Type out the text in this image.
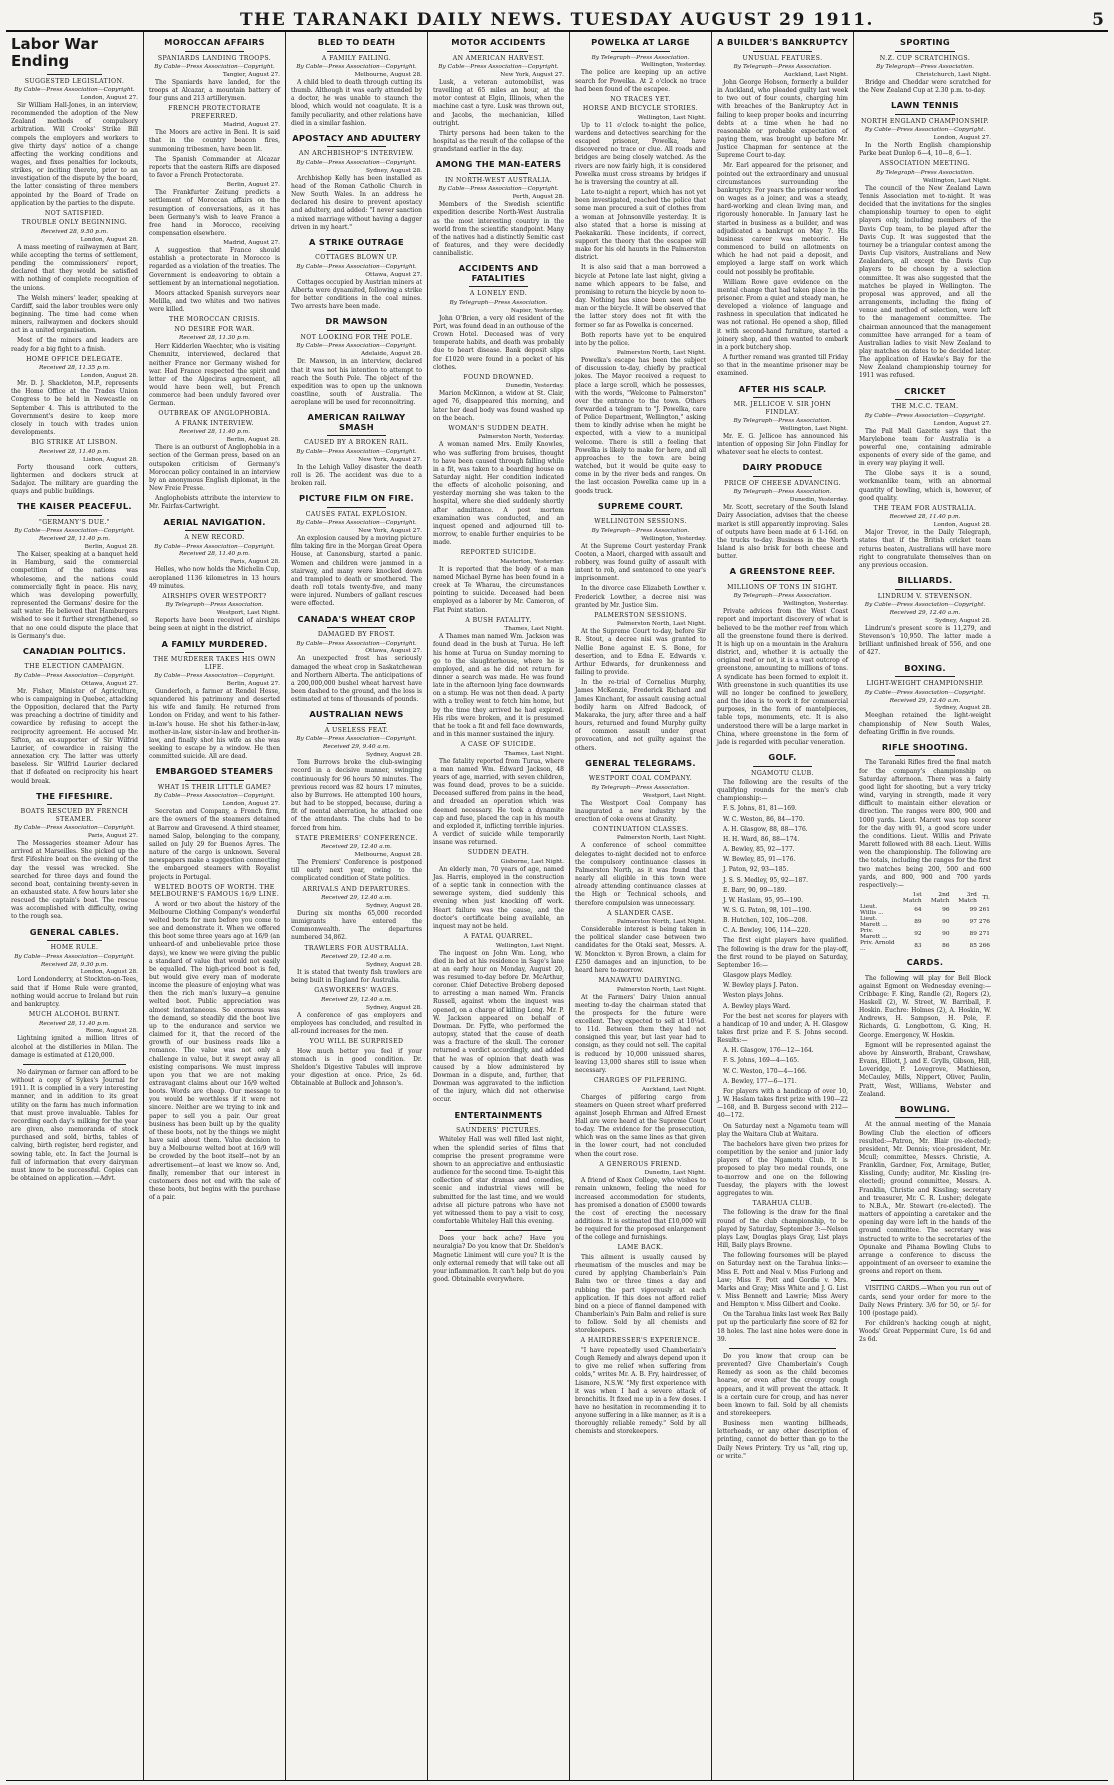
THE TARANAKI DAILY NEWS. TUESDAY AUGUST 29 1911.	5
Labor War Ending
SUGGESTED LEGISLATION.
By Cable—Press Association—Copyright.
London, August 27.
Sir William Hall-Jones, in an interview, recommended the adoption of the New Zealand methods of compulsory arbitration. Will Crooks' Strike Bill compels the employers and workers to give thirty days' notice of a change affecting the working conditions and wages, and fixes penalties for lockouts, strikes, or inciting thereto, prior to an investigation of the dispute by the board, the latter consisting of three members appointed by the Board of Trade on application by the parties to the dispute.
NOT SATISFIED.
TROUBLE ONLY BEGINNING.
Received 28, 9.50 p.m.
London, August 28.
A mass meeting of railwaymen at Barr, while accepting the terms of settlement, pending the commissioners' report, declared that they would be satisfied with nothing of complete recognition of the unions.
The Welsh miners' leader, speaking at Cardiff, said the labor troubles were only beginning. The time had come when miners, railwaymen and dockers should act in a united organisation.
Most of the miners and leaders are ready for a big fight to a finish.
HOME OFFICE DELEGATE.
Received 28, 11.35 p.m.
London, August 28.
Mr. D. J. Shackleton, M.P., represents the Home Office at the Trades Union Congress to be held in Newcastle on September 4. This is attributed to the Government's desire to keep more closely in touch with trades union developments.
BIG STRIKE AT LISBON.
Received 28, 11.40 p.m.
Lisbon, August 28.
Forty thousand cork cutters, lightermen and dockers struck at Sadajoz. The military are guarding the quays and public buildings.
THE KAISER PEACEFUL.
"GERMANY'S DUE."
By Cable—Press Association—Copyright.
Received 28, 11.40 p.m.
Berlin, August 28.
The Kaiser, speaking at a banquet held in Hamburg, said the commercial competition of the nations was wholesome, and the nations could commercially fight in peace. His navy, which was developing powerfully, represented the Germans' desire for the salt water. He believed that Hamburgers wished to see it further strengthened, so that no one could dispute the place that is Germany's due.
CANADIAN POLITICS.
THE ELECTION CAMPAIGN.
By Cable—Press Association—Copyright.
Ottawa, August 27.
Mr. Fisher, Minister of Agriculture, who is campaigning in Quebec, attacking the Opposition, declared that the Party was preaching a doctrine of timidity and cowardice by refusing to accept the reciprocity agreement. He accused Mr. Sifton, an ex-supporter of Sir Wilfrid Laurier, of cowardice in raising the annexation cry. The latter was utterly baseless. Sir Wilfrid Laurier declared that if defeated on reciprocity his heart would break.
THE FIFESHIRE.
BOATS RESCUED BY FRENCH STEAMER.
By Cable—Press Association—Copyright.
Paris, August 27.
The Messageries steamer Adour has arrived at Marseilles. She picked up the first Fifeshire boat on the evening of the day the vessel was wrecked. She searched for three days and found the second boat, containing twenty-seven in an exhausted state. A few hours later she rescued the captain's boat. The rescue was accomplished with difficulty, owing to the rough sea.
GENERAL CABLES.
HOME RULE.
By Cable—Press Association—Copyright.
Received 28, 9.30 p.m.
London, August 28.
Lord Londonderry, at Stockton-on-Tees, said that if Home Rule were granted, nothing would accrue to Ireland but ruin and bankruptcy.
MUCH ALCOHOL BURNT.
Received 28, 11.40 p.m.
Rome, August 28.
Lightning ignited a million litres of alcohol at the distilleries in Milan. The damage is estimated at £120,000.
No dairyman or farmer can afford to be without a copy of Sykes's Journal for 1911. It is complied in a very interesting manner, and in addition to its great utility on the farm has much information that must prove invaluable. Tables for recording each day's milking for the year are given, also memoranda of stock purchased and sold, births, tables of calving, birth register, herd register, and sowing table, etc. In fact the Journal is full of information that every dairyman must know to be successful. Copies can be obtained on application.—Advt.
MOROCCAN AFFAIRS
SPANIARDS LANDING TROOPS.
By Cable—Press Association—Copyright.
Tangier, August 27.
The Spaniards have landed, for the troops at Alcazar, a mountain battery of four guns and 213 artillerymen.
FRENCH PROTECTORATE PREFERRED.
Madrid, August 27.
The Moors are active in Beni. It is said that in the country beacon fires, summoning tribesmen, have been lit.
The Spanish Commander at Alcazar reports that the eastern Riffs are disposed to favor a French Protectorate.
Berlin, August 27.
The Frankfurter Zeitung predicts a settlement of Moroccan affairs on the resumption of conversations, as it has been Germany's wish to leave France a free hand in Morocco, receiving compensation elsewhere.
Madrid, August 27.
A suggestion that France should establish a protectorate in Morocco is regarded as a violation of the treaties. The Government is endeavoring to obtain a settlement by an international negotiation.
Moors attacked Spanish surveyors near Melilla, and two whites and two natives were killed.
THE MOROCCAN CRISIS.
NO DESIRE FOR WAR.
Received 28, 11.30 p.m.
Herr Kidderlen Waechter, who is visiting Chemnitz, interviewed, declared that neither France nor Germany wished for war. Had France respected the spirit and letter of the Algeciras agreement, all would have been well, but French commerce had been unduly favored over German.
OUTBREAK OF ANGLOPHOBIA.
A FRANK INTERVIEW.
Received 28, 11.40 p.m.
Berlin, August 28.
There is an outburst of Anglophobia in a section of the German press, based on an outspoken criticism of Germany's Moroccan policy contained in an interview by an anonymous English diplomat, in the New Freie Presse.
Anglophobists attribute the interview to Mr. Fairfax-Cartwright.
AERIAL NAVIGATION.
A NEW RECORD.
By Cable—Press Association—Copyright.
Received 28, 11.40 p.m.
Paris, August 28.
Helles, who now holds the Michelin Cup, aeroplaned 1136 kilometres in 13 hours 49 minutes.
AIRSHIPS OVER WESTPORT?
By Telegraph—Press Association.
Westport, Last Night.
Reports have been received of airships being seen at night in the district.
A FAMILY MURDERED.
THE MURDERER TAKES HIS OWN LIFE.
By Cable—Press Association—Copyright.
Berlin, August 27.
Gunderloch, a farmer at Rendel Hesse, squandered his patrimony and deserted his wife and family. He returned from London on Friday, and went to his father-in-law's house. He shot his father-in-law, mother-in-law, sister-in-law and brother-in-law, and finally shot his wife as she was seeking to escape by a window. He then committed suicide. All are dead.
EMBARGOED STEAMERS
WHAT IS THEIR LITTLE GAME?
By Cable—Press Association—Copyright.
London, August 27.
Secretan and Company, a French firm, are the owners of the steamers detained at Barrow and Gravesend. A third steamer, named Salop, belonging to the company, sailed on July 29 for Buenos Ayres. The nature of the cargo is unknown. Several newspapers make a suggestion connecting the embargoed steamers with Royalist projects in Portugal.
WELTED BOOTS OF WORTH. THE MELBOURNE'S FAMOUS 16/9 LINE.
A word or two about the history of the Melbourne Clothing Company's wonderful welted boots for men before you come to see and demonstrate it. When we offered this boot some three years ago at 16/9 (an unheard-of and unbelievable price those days), we knew we were giving the public a standard of value that would not easily be equalled. The high-priced boot is fed, but would give every man of moderate income the pleasure of enjoying what was then the rich man's luxury—a genuine welted boot. Public appreciation was almost instantaneous. So enormous was the demand, so steadily did the boot live up to the endurance and service we claimed for it, that the record of the growth of our business reads like a romance. The value was not only a challenge in value, but it swept away all existing comparisons. We must impress upon you that we are not making extravagant claims about our 16/9 welted boots. Words are cheap. Our message to you would be worthless if it were not sincere. Neither are we trying to ink and paper to sell you a pair. Our great business has been built up by the quality of these boots, not by the things we might have said about them. Value decision to buy a Melbourne welted boot at 16/9 will be crowded by the boot itself—not by an advertisement—at least we know so. And, finally, remember that our interest in customers does not end with the sale of these boots, but begins with the purchase of a pair.
BLED TO DEATH
A FAMILY FAILING.
By Cable—Press Association—Copyright.
Melbourne, August 28.
A child bled to death through cutting its thumb. Although it was early attended by a doctor, he was unable to staunch the blood, which would not coagulate. It is a family peculiarity, and other relations have died in a similar fashion.
APOSTACY AND ADULTERY
AN ARCHBISHOP'S INTERVIEW.
By Cable—Press Association—Copyright.
Sydney, August 28.
Archbishop Kelly has been installed as head of the Roman Catholic Church in New South Wales. In an address he declared his desire to prevent apostacy and adultery, and added: "I never sanction a mixed marriage without having a dagger driven in my heart."
A STRIKE OUTRAGE
COTTAGES BLOWN UP.
By Cable—Press Association—Copyright.
Ottawa, August 27.
Cottages occupied by Austrian miners at Alberta were dynamited, following a strike for better conditions in the coal mines. Two arrests have been made.
DR MAWSON
NOT LOOKING FOR THE POLE.
By Cable—Press Association—Copyright.
Adelaide, August 28.
Dr. Mawson, in an interview, declared that it was not his intention to attempt to reach the South Pole. The object of the expedition was to open up the unknown coastline, south of Australia. The aeroplane will be used for reconnoitring.
AMERICAN RAILWAY SMASH
CAUSED BY A BROKEN RAIL.
By Cable—Press Association—Copyright.
New York, August 27.
In the Lehigh Valley disaster the death roll is 26. The accident was due to a broken rail.
PICTURE FILM ON FIRE.
CAUSES FATAL EXPLOSION.
By Cable—Press Association—Copyright.
New York, August 27.
An explosion caused by a moving picture film taking fire in the Morgan Great Opera House, at Canonsburg, started a panic. Women and children were jammed in a stairway, and many were knocked down and trampled to death or smothered. The death roll totals twenty-five, and many were injured. Numbers of gallant rescues were effected.
CANADA'S WHEAT CROP
DAMAGED BY FROST.
By Cable—Press Association—Copyright.
Ottawa, August 27.
An unexpected frost has seriously damaged the wheat crop in Saskatchewan and Northern Alberta. The anticipations of a 200,000,000 bushel wheat harvest have been dashed to the ground, and the loss is estimated at tens of thousands of pounds.
AUSTRALIAN NEWS
A USELESS FEAT.
By Cable—Press Association—Copyright.
Received 29, 9.40 a.m.
Sydney, August 28.
Tom Burrows broke the club-swinging record in a decisive manner, swinging continuously for 96 hours 50 minutes. The previous record was 82 hours 17 minutes, also by Burrows. He attempted 100 hours, but had to be stopped, because, during a fit of mental aberration, he attacked one of the attendants. The clubs had to be forced from him.
STATE PREMIERS' CONFERENCE.
Received 29, 12.40 a.m.
Melbourne, August 28.
The Premiers' Conference is postponed till early next year, owing to the complicated condition of State politics.
ARRIVALS AND DEPARTURES.
Received 29, 12.40 a.m.
Sydney, August 28.
During six months 65,000 recorded immigrants have entered the Commonwealth. The departures numbered 34,862.
TRAWLERS FOR AUSTRALIA.
Received 29, 12.40 a.m.
Sydney, August 28.
It is stated that twenty fish trawlers are being built in England for Australia.
GASWORKERS' WAGES.
Received 29, 12.40 a.m.
Sydney, August 28.
A conference of gas employers and employees has concluded, and resulted in all-round increases for the men.
YOU WILL BE SURPRISED
How much better you feel if your stomach is in good condition. Dr. Sheldon's Digestive Tabules will improve your digestion at once. Price, 2s 6d. Obtainable at Bullock and Johnson's.
MOTOR ACCIDENTS
AN AMERICAN HARVEST.
By Cable—Press Association—Copyright.
New York, August 27.
Lusk, a veteran automobilist, was travelling at 65 miles an hour, at the motor contest at Elgin, Illinois, when the machine cast a tyre. Lusk was thrown out, and Jacobs, the mechanician, killed outright.
Thirty persons had been taken to the hospital as the result of the collapse of the grandstand earlier in the day.
AMONG THE MAN-EATERS
IN NORTH-WEST AUSTRALIA.
By Cable—Press Association—Copyright.
Perth, August 28.
Members of the Swedish scientific expedition describe North-West Australia as the most interesting country in the world from the scientific standpoint. Many of the natives had a distinctly Semitic cast of features, and they were decidedly cannibalistic.
ACCIDENTS AND FATALITIES
A LONELY END.
By Telegraph—Press Association.
Napier, Yesterday.
John O'Brien, a very old resident of the Port, was found dead in an outhouse of the Crown Hotel. Deceased was of very temperate habits, and death was probably due to heart disease. Bank deposit slips for £1020 were found in a pocket of his clothes.
FOUND DROWNED.
Dunedin, Yesterday.
Marion McKinnon, a widow at St. Clair, aged 76, disappeared this morning, and later her dead body was found washed up on the beach.
WOMAN'S SUDDEN DEATH.
Palmerston North, Yesterday.
A woman named Mrs. Emily Knowles, who was suffering from bruises, thought to have been caused through falling while in a fit, was taken to a boarding house on Saturday night. Her condition indicated the effects of alcoholic poisoning, and yesterday morning she was taken to the hospital, where she died suddenly shortly after admittance. A post mortem examination was conducted, and an inquest opened and adjourned till to-morrow, to enable further enquiries to be made.
REPORTED SUICIDE.
Masterton, Yesterday.
It is reported that the body of a man named Michael Byrne has been found in a creek at Te Wharau, the circumstances pointing to suicide. Deceased had been employed as a laborer by Mr. Cameron, of Flat Point station.
A BUSH FATALITY.
Thames, Last Night.
A Thames man named Wm. Jackson was found dead in the bush at Turua. He left his home at Turua on Sunday morning to go to the slaughterhouse, where he is employed, and as he did not return for dinner a search was made. He was found late in the afternoon lying face downwards on a stump. He was not then dead. A party with a trolley went to fetch him home, but by the time they arrived he had expired. His ribs were broken, and it is presumed that he took a fit and fell face downwards, and in this manner sustained the injury.
A CASE OF SUICIDE.
Thames, Last Night.
The fatality reported from Turua, where a man named Wm. Edward Jackson, 48 years of age, married, with seven children, was found dead, proves to be a suicide. Deceased suffered from pains in the head, and dreaded an operation which was deemed necessary. He took a dynamite cap and fuse, placed the cap in his mouth and exploded it, inflicting terrible injuries. A verdict of suicide while temporarily insane was returned.
SUDDEN DEATH.
Gisborne, Last Night.
An elderly man, 70 years of age, named Jas. Harris, employed in the construction of a septic tank in connection with the sewerage system, died suddenly this evening when just knocking off work. Heart failure was the cause, and the doctor's certificate being available, an inquest may not be held.
A FATAL QUARREL.
Wellington, Last Night.
The inquest on John Wm. Long, who died in bed at his residence in Sage's lane at an early hour on Monday, August 20, was resumed to-day before Dr. McArthur, coroner. Chief Detective Broberg deposed to arresting a man named Wm. Francis Russell, against whom the inquest was opened, on a charge of killing Long. Mr. P. W. Jackson appeared on behalf of Dowman. Dr. Fyffe, who performed the autopsy, stated that the cause of death was a fracture of the skull. The coroner returned a verdict accordingly, and added that he was of opinion that death was caused by a blow administered by Dowman in a dispute, and, further, that Dowman was aggravated to the infliction of the injury, which did not otherwise occur.
ENTERTAINMENTS
SAUNDERS' PICTURES.
Whiteley Hall was well filled last night, when the splendid series of films that comprise the present programme were shown to an appreciative and enthusiastic audience for the second time. To-night this collection of star dramas and comedies, scenic and industrial views will be submitted for the last time, and we would advise all picture patrons who have not yet witnessed them to pay a visit to cosy, comfortable Whiteley Hall this evening.
Does your back ache? Have you neuralgia? Do you know that Dr. Sheldon's Magnetic Liniment will cure you? It is the only external remedy that will take out all your inflammation. It can't help but do you good. Obtainable everywhere.
POWELKA AT LARGE
By Telegraph—Press Association.
Wellington, Yesterday.
The police are keeping up an active search for Powelka. At 2 o'clock no trace had been found of the escapee.
NO TRACES YET.
HORSE AND BICYCLE STORIES.
Wellington, Last Night.
Up to 11 o'clock to-night the police, wardens and detectives searching for the escaped prisoner, Powelka, have discovered no trace or clue. All roads and bridges are being closely watched. As the rivers are now fairly high, it is considered Powelka must cross streams by bridges if he is traversing the country at all.
Late to-night a report, which has not yet been investigated, reached the police that some man procured a suit of clothes from a woman at Johnsonville yesterday. It is also stated that a horse is missing at Paekakariki. These incidents, if correct, support the theory that the escapee will make for his old haunts in the Palmerston district.
It is also said that a man borrowed a bicycle at Petone late last night, giving a name which appears to be false, and promising to return the bicycle by noon to-day. Nothing has since been seen of the man or the bicycle. It will be observed that the latter story does not fit with the former so far as Powelka is concerned.
Both reports have yet to be enquired into by the police.
Palmerston North, Last Night.
Powelka's escape has been the subject of discussion to-day, chiefly by practical jokes. The Mayor received a request to place a large scroll, which he possesses, with the words, "Welcome to Palmerston" over the entrance to the town. Others forwarded a telegram to "J. Powelka, care of Police Department, Wellington," asking them to kindly advise when he might be expected, with a view to a municipal welcome. There is still a feeling that Powelka is likely to make for here, and all approaches to the town are being watched, but it would be quite easy to come in by the river beds and ranges. On the last occasion Powelka came up in a goods truck.
SUPREME COURT.
WELLINGTON SESSIONS.
By Telegraph—Press Association.
Wellington, Yesterday.
At the Supreme Court yesterday Frank Cooten, a Maori, charged with assault and robbery, was found guilty of assault with intent to rob, and sentenced to one year's imprisonment.
In the divorce case Elizabeth Lowther v. Frederick Lowther, a decree nisi was granted by Mr. Justice Sim.
PALMERSTON SESSIONS.
Palmerston North, Last Night.
At the Supreme Court to-day, before Sir R. Stout, a decree nisi was granted to Nellie Bone against E. S. Bone, for desertion, and to Edna E. Edwards v. Arthur Edwards, for drunkenness and failing to provide.
In the re-trial of Cornelius Murphy, James McKenzie, Frederick Richard and James Kinchant, for assault causing actual bodily harm on Alfred Badcock, of Makaraka, the jury, after three and a half hours, returned and found Murphy guilty of common assault under great provocation, and not guilty against the others.
GENERAL TELEGRAMS.
WESTPORT COAL COMPANY.
By Telegraph—Press Association.
Westport, Last Night.
The Westport Coal Company has inaugurated a new industry by the erection of coke ovens at Granity.
CONTINUATION CLASSES.
Palmerston North, Last Night.
A conference of school committee delegates to-night decided not to enforce the compulsory continuance classes in Palmerston North, as it was found that nearly all eligible in this town were already attending continuance classes at the High or Technical schools, and therefore compulsion was unnecessary.
A SLANDER CASE.
Palmerston North, Last Night.
Considerable interest is being taken in the political slander case between two candidates for the Otaki seat, Messrs. A. W. Monckton v. Byron Brown, a claim for £250 damages and an injunction, to be heard here to-morrow.
MANAWATU DAIRYING.
Palmerston North, Last Night.
At the Farmers' Dairy Union annual meeting to-day the chairman stated that the prospects for the future were excellent. They expected to sell at 10¼d. to 11d. Between them they had not consigned this year, but last year had to consign, as they could not sell. The capital is reduced by 10,000 unissued shares, leaving 13,000 shares still to issue when necessary.
CHARGES OF PILFERING.
Auckland, Last Night.
Charges of pilfering cargo from steamers on Queen street wharf preferred against Joseph Ehrman and Alfred Ernest Hall are were heard at the Supreme Court to-day. The evidence for the prosecution, which was on the same lines as that given in the lower court, had not concluded when the court rose.
A GENEROUS FRIEND.
Dunedin, Last Night.
A friend of Knox College, who wishes to remain unknown, feeling the need for increased accommodation for students, has promised a donation of £5000 towards the cost of erecting the necessary additions. It is estimated that £10,000 will be required for the proposed enlargement of the college and furnishings.
LAME BACK.
This ailment is usually caused by rheumatism of the muscles and may be cured by applying Chamberlain's Pain Balm two or three times a day and rubbing the part vigorously at each application. If this does not afford relief bind on a piece of flannel dampened with Chamberlain's Pain Balm and relief is sure to follow. Sold by all chemists and storekeepers.
A HAIRDRESSER'S EXPERIENCE.
"I have repeatedly used Chamberlain's Cough Remedy and always depend upon it to give me relief when suffering from colds," writes Mr. A. B. Fry, hairdresser, of Lismore, N.S.W. "My first experience with it was when I had a severe attack of bronchitis. It fixed me up in a few doses. I have no hesitation in recommending it to anyone suffering in a like manner, as it is a thoroughly reliable remedy." Sold by all chemists and storekeepers.
A BUILDER'S BANKRUPTCY
UNUSUAL FEATURES.
By Telegraph—Press Association.
Auckland, Last Night.
John George Hobson, formerly a builder in Auckland, who pleaded guilty last week to two out of four counts, charging him with breaches of the Bankruptcy Act in failing to keep proper books and incurring debts at a time when he had no reasonable or probable expectation of paying them, was brought up before Mr. Justice Chapman for sentence at the Supreme Court to-day.
Mr. Earl appeared for the prisoner, and pointed out the extraordinary and unusual circumstances surrounding the bankruptcy. For years the prisoner worked on wages as a joiner, and was a steady, hard-working and clean living man, and rigorously honorable. In January last he started in business as a builder, and was adjudicated a bankrupt on May 7. His business career was meteoric. He commenced to build on allotments on which he had not paid a deposit, and employed a large staff on work which could not possibly be profitable.
William Rowe gave evidence on the mental change that had taken place in the prisoner. From a quiet and steady man, he developed a violence of language and rashness in speculation that indicated he was not rational. He opened a shop, filled it with second-hand furniture, started a joinery shop, and then wanted to embark in a pork butchery shop.
A further remand was granted till Friday so that in the meantime prisoner may be examined.
AFTER HIS SCALP.
MR. JELLICOE V. SIR JOHN FINDLAY.
By Telegraph—Press Association.
Wellington, Last Night.
Mr. E. G. Jellicoe has announced his intention of opposing Sir John Findlay for whatever seat he elects to contest.
DAIRY PRODUCE
PRICE OF CHEESE ADVANCING.
By Telegraph—Press Association.
Dunedin, Yesterday.
Mr. Scott, secretary of the South Island Dairy Association, advises that the cheese market is still apparently improving. Sales of outputs have been made at 6 1-16d. on the trucks to-day. Business in the North Island is also brisk for both cheese and butter.
A GREENSTONE REEF.
MILLIONS OF TONS IN SIGHT.
By Telegraph—Press Association.
Wellington, Yesterday.
Private advices from the West Coast report and important discovery of what is believed to be the mother reef from which all the greenstone found there is derived. It is high up on a mountain in the Arahura district, and, whether it is actually the original reef or not, it is a vast outcrop of greenstone, amounting to millions of tons. A syndicate has been formed to exploit it. With greenstone in such quantities its use will no longer be confined to jewellery, and the idea is to work it for commercial purposes, in the form of mantelpieces, table tops, monuments, etc. It is also understood there will be a large market in China, where greenstone in the form of jade is regarded with peculiar veneration.
GOLF.
NGAMOTU CLUB.
The following are the results of the qualifying rounds for the men's club championship:—
F. S. Johns, 81, 81—169.
W. C. Weston, 86, 84—170.
A. H. Glasgow, 88, 88—176.
H. H. Ward, 86, 88—174.
A. Bewley, 85, 92—177.
W. Bewley, 85, 91—176.
J. Paton, 92, 93—185.
J. S. S. Medley, 95, 92—187.
E. Barr, 90, 99—189.
J. W. Haslam, 95, 95—190.
W. S. G. Paton, 98, 101—190.
B. Hutchen, 102, 106—208.
C. A. Bewley, 106, 114—220.
The first eight players have qualified. The following is the draw for the play-off, the first round to be played on Saturday, September 16:—
Glasgow plays Medley.
W. Bewley plays J. Paton.
Weston plays Johns.
A. Bewley plays Ward.
For the best net scores for players with a handicap of 10 and under, A. H. Glasgow takes first prize and F. S. Johns second. Results:—
A. H. Glasgow, 176—12—164.
F. S. Johns, 169—4—165.
W. C. Weston, 170—4—166.
A. Bewley, 177—6—171.
For players with a handicap of over 10, J. W. Haslam takes first prize with 190—22—168, and B. Burgess second with 212—40—172.
On Saturday next a Ngamotu team will play the Waitara Club at Waitara.
The bachelors have given two prizes for competition by the senior and junior lady players of the Ngamotu Club. It is proposed to play two medal rounds, one to-morrow and one on the following Tuesday, the players with the lowest aggregates to win.
TARAHUA CLUB.
The following is the draw for the final round of the club championship, to be played by Saturday, September 3:—Nelson plays Law, Douglas plays Gray, List plays Hill, Baily plays Browne.
The following foursomes will be played on Saturday next on the Tarahua links:—Miss E. Pott and Neal v. Miss Furlong and Law; Miss F. Pott and Gordie v. Mrs. Marks and Gray; Miss White and J. G. List v. Miss Bennett and Lawrie; Miss Avery and Hempton v. Miss Gilbert and Cooke.
On the Tarahua links last week Rex Baily put up the particularly fine score of 82 for 18 holes. The last nine holes were done in 39.
Do you know that croup can be prevented? Give Chamberlain's Cough Remedy as soon as the child becomes hoarse, or even after the croupy cough appears, and it will prevent the attack. It is a certain cure for croup, and has never been known to fail. Sold by all chemists and storekeepers.
Business men wanting billheads, letterheads, or any other description of printing, cannot do better than go to the Daily News Printery. Try us "all, ring up, or write."
SPORTING
N.Z. CUP SCRATCHINGS.
By Telegraph—Press Association.
Christchurch, Last Night.
Bridge and Cheddar were scratched for the New Zealand Cup at 2.30 p.m. to-day.
LAWN TENNIS
NORTH ENGLAND CHAMPIONSHIP.
By Cable—Press Association—Copyright.
London, August 27.
In the North English championship Parke beat Dunlop 6—4, 10—8, 6—1.
ASSOCIATION MEETING.
By Telegraph—Press Association.
Wellington, Last Night.
The council of the New Zealand Lawn Tennis Association met to-night. It was decided that the invitations for the singles championship tourney to open to eight players only, including members of the Davis Cup team, to be played after the Davis Cup. It was suggested that the tourney be a triangular contest among the Davis Cup visitors, Australians and New Zealanders, all except the Davis Cup players to be chosen by a selection committee. It was also suggested that the matches be played in Wellington. The proposal was approved, and all the arrangements, including the fixing of venue and method of selection, were left to the management committee. The chairman announced that the management committee have arranged for a team of Australian ladies to visit New Zealand to play matches on dates to be decided later. The application of Hawke's Bay for the New Zealand championship tourney for 1911 was refused.
CRICKET
THE M.C.C. TEAM.
By Cable—Press Association—Copyright.
London, August 27.
The Pall Mall Gazette says that the Marylebone team for Australia is a powerful one, containing admirable exponents of every side of the game, and in every way playing it well.
The Globe says it is a sound, workmanlike team, with an abnormal quantity of bowling, which is, however, of good quality.
THE TEAM FOR AUSTRALIA.
Received 28, 11.40 p.m.
London, August 28.
Major Trevor, in the Daily Telegraph, states that if the British cricket team returns beaten, Australians will have more right to congratulate themselves than on any previous occasion.
BILLIARDS.
LINDRUM V. STEVENSON.
By Cable—Press Association—Copyright.
Received 29, 12.40 a.m.
Sydney, August 28.
Lindrum's present score is 11,279, and Stevenson's 10,950. The latter made a brilliant unfinished break of 556, and one of 427.
BOXING.
LIGHT-WEIGHT CHAMPIONSHIP.
By Cable—Press Association—Copyright.
Received 29, 12.40 a.m.
Sydney, August 28.
Meeghan retained the light-weight championship of New South Wales, defeating Griffin in five rounds.
RIFLE SHOOTING.
The Taranaki Rifles fired the final match for the company's championship on Saturday afternoon. There was a fairly good light for shooting, but a very tricky wind, varying in strength, made it very difficult to maintain either elevation or direction. The ranges were 800, 900 and 1000 yards. Lieut. Marett was top scorer for the day with 91, a good score under the conditions. Lieut. Willis and Private Marett followed with 88 each. Lieut. Willis won the championship. The following are the totals, including the ranges for the first two matches being 200, 500 and 600 yards, and 800, 900 and 700 yards respectively:—
	1st Match	2nd Match	3rd Match	Tl.
Lieut. Willis ...	64	96	99	261
Lieut. Marett ...	89	90	97	276
Priv. Marett ...	92	90	89	271
Priv. Arnold ...	83	86	85	266
CARDS.
The following will play for Bell Block against Egmont on Wednesday evening:—Cribbage: F. King, Randle (2), Rogers (2), Haskell (2), W. Street, W. Barriball, F. Hoskin. Euchre: Holmes (2), A. Hoskin, W. Andrews, H. Sampson, H. Pole, F. Richards, G. Longbottom, G. King, H. George. Emergency, W. Hoskin.
Egmont will be represented against the above by Ainsworth, Brabant, Crawshaw, Evans, Elliott, J. and E. Grylls, Gibson, Hill, Loveridge, P. Lovegrove, Mathieson, McCauley, Mills, Nippert, Oliver, Paulin, Pratt, West, Williams, Webster and Zealand.
BOWLING.
At the annual meeting of the Manaia Bowling Club the election of officers resulted:—Patron, Mr. Blair (re-elected); president, Mr. Dennis; vice-president, Mr. Mcull; committee, Messrs. Christie, A. Franklin, Gardner, Fox, Armitage, Butler, Kissling, Cundy; auditor, Mr. Kissling (re-elected); ground committee, Messrs. A. Franklin, Christie and Kissling; secretary and treasurer, Mr. C. R. Lusher; delegate to N.B.A., Mr. Stewart (re-elected). The matters of appointing a caretaker and the opening day were left in the hands of the ground committee. The secretary was instructed to write to the secretaries of the Opunake and Pihama Bowling Clubs to arrange a conference to discuss the appointment of an overseer to examine the greens and report on them.
VISITING CARDS.—When you run out of cards, send your order for more to the Daily News Printery. 3/6 for 50, or 5/- for 100 (postage paid).
For children's hacking cough at night, Woods' Great Peppermint Cure, 1s 6d and 2s 6d.
